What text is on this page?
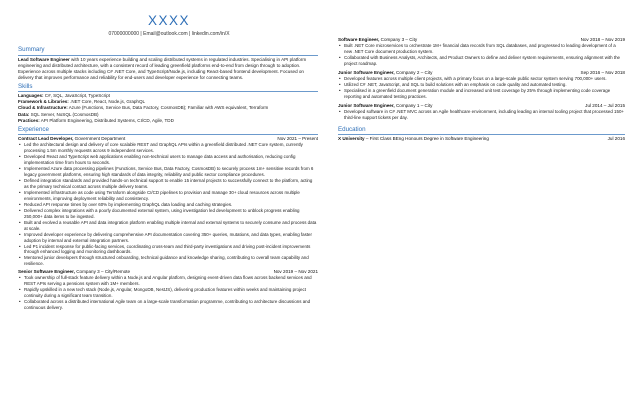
XXXX
07000000000 | Email@outlook.com | linkedin.com/in/X
Summary
Lead Software Engineer with 10 years experience building and scaling distributed systems in regulated industries. Specialising in API platform engineering and distributed architecture, with a consistent record of leading greenfield platforms end-to-end from design through to adoption. Experience across multiple stacks including C# .NET Core, and TypeScript/Node.js, including React-based frontend development. Focused on delivery that improves performance and reliability for end-users and developer experience for connecting teams.
Skills
Languages: C#, SQL, JavaScript, TypeScript
Framework & Libraries: .NET Core, React, Node.js, GraphQL
Cloud & Infrastructure: Azure (Functions, Service Bus, Data Factory, CosmosDB); Familiar with AWS equivalent, Terraform
Data: SQL Server, NoSQL (CosmosDB)
Practices: API Platform Engineering, Distributed Systems, CI/CD, Agile, TDD
Experience
Contract Lead Developer, Government Department	Nov 2021 – Present
• Led the architectural design and delivery of core scalable REST and GraphQL APIs within a greenfield distributed .NET Core system, currently processing 1.5m monthly requests across 9 independent services.
• Developed React and TypeScript web applications enabling non-technical users to manage data access and authorisation, reducing config implementation time from hours to seconds.
• Implemented Azure data processing pipelines (Functions, Service Bus, Data Factory, CosmosDB) to securely process 1m+ sensitive records from 6 legacy government platforms, ensuring high standards of data integrity, reliability and public sector compliance procedures.
• Defined integration standards and provided hands-on technical support to enable 15 internal projects to successfully connect to the platform, acting as the primary technical contact across multiple delivery teams.
• Implemented infrastructure as code using Terraform alongside CI/CD pipelines to provision and manage 30+ cloud resources across multiple environments, improving deployment reliability and consistency.
• Reduced API response times by over 60% by implementing GraphQL data loading and caching strategies.
• Delivered complex integrations with a poorly documented external system, using investigation led development to unblock progress enabling 250,000+ data items to be ingested.
• Built and evolved a reusable API and data integration platform enabling multiple internal and external systems to securely consume and process data at scale.
• Improved developer experience by delivering comprehensive API documentation covering 350+ queries, mutations, and data types, enabling faster adoption by internal and external integration partners.
• Led P1 incident response for public-facing services, coordinating cross-team and third-party investigations and driving post-incident improvements through enhanced logging and monitoring dashboards.
• Mentored junior developers through structured onboarding, technical guidance and knowledge sharing, contributing to overall team capability and resilience.
Senior Software Engineer, Company 3 – City/Remote	Nov 2019 – Nov 2021
• Took ownership of full-stack feature delivery within a Node.js and Angular platform, designing event-driven data flows across backend services and REST APIs serving a pensions system with 1M+ members.
• Rapidly upskilled in a new tech stack (Node.js, Angular, MongoDB, NestJS), delivering production features within weeks and maintaining project continuity during a significant team transition.
• Collaborated across a distributed international Agile team on a large-scale transformation programme, contributing to architecture discussions and continuous delivery.
Software Engineer, Company 3 – City	Nov 2018 – Nov 2019
• Built .NET Core microservices to orchestrate 1M+ financial data records from SQL databases, and progressed to leading development of a new .NET Core document production system.
• Collaborated with Business Analysts, Architects, and Product Owners to define and deliver system requirements, ensuring alignment with the project roadmap.
Junior Software Engineer, Company 2 – City	Sep 2016 – Nov 2018
• Developed features across multiple client projects, with a primary focus on a large-scale public sector system serving 700,000+ users.
• Utilized C# .NET, JavaScript, and SQL to build solutions with an emphasis on code quality and automated testing.
• Specialised in a greenfield document generation module and increased unit test coverage by 25% through implementing code coverage reporting and automated testing practices.
Junior Software Engineer, Company 1 – City	Jul 2014 – Jul 2015
• Developed software in C# .NET MVC across an Agile healthcare environment, including leading an internal tooling project that processed 150+ third-line support tickets per day.
Education
X University – First Class BEng Honours Degree in Software Engineering	Jul 2016
